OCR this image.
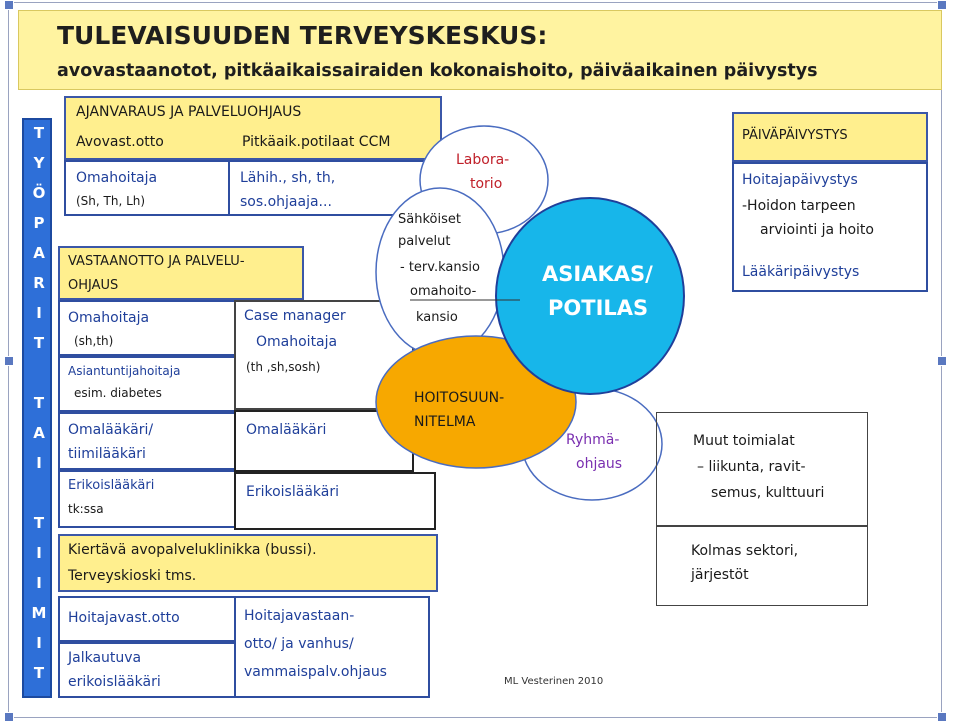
TULEVAISUUDEN TERVEYSKESKUS:
avovastaanotot, pitkäaikaissairaiden kokonaishoito, päiväaikainen päivystys
T
Y
Ö
P
A
R
I
T
T
A
I
T
I
I
M
I
T
AJANVARAUS JA PALVELUOHJAUS
Avovast.otto	Pitkäaik.potilaat CCM
Omahoitaja
(Sh, Th, Lh)
Lähih., sh, th,
sos.ohjaaja...
VASTAANOTTO JA PALVELU-
OHJAUS
Omahoitaja
(sh,th)
Asiantuntijahoitaja
esim. diabetes
Omalääkäri/
tiimilääkäri
Erikoislääkäri
tk:ssa
Case manager
Omahoitaja
(th ,sh,sosh)
Omalääkäri
Erikoislääkäri
Kiertävä avopalveluklinikka (bussi).
Terveyskioski tms.
Hoitajavast.otto
Jalkautuva
erikoislääkäri
Hoitajavastaan-
otto/ ja vanhus/
vammaispalv.ohjaus
Labora-
torio
Sähköiset
palvelut
- terv.kansio
omahoito-
kansio
ASIAKAS/
POTILAS
HOITOSUUN-
NITELMA
Ryhmä-
ohjaus
PÄIVÄPÄIVYSTYS
Hoitajapäivystys
-Hoidon tarpeen
arviointi ja hoito
Lääkäripäivystys
Muut toimialat
– liikunta, ravit-
semus, kulttuuri
Kolmas sektori,
järjestöt
ML Vesterinen 2010
